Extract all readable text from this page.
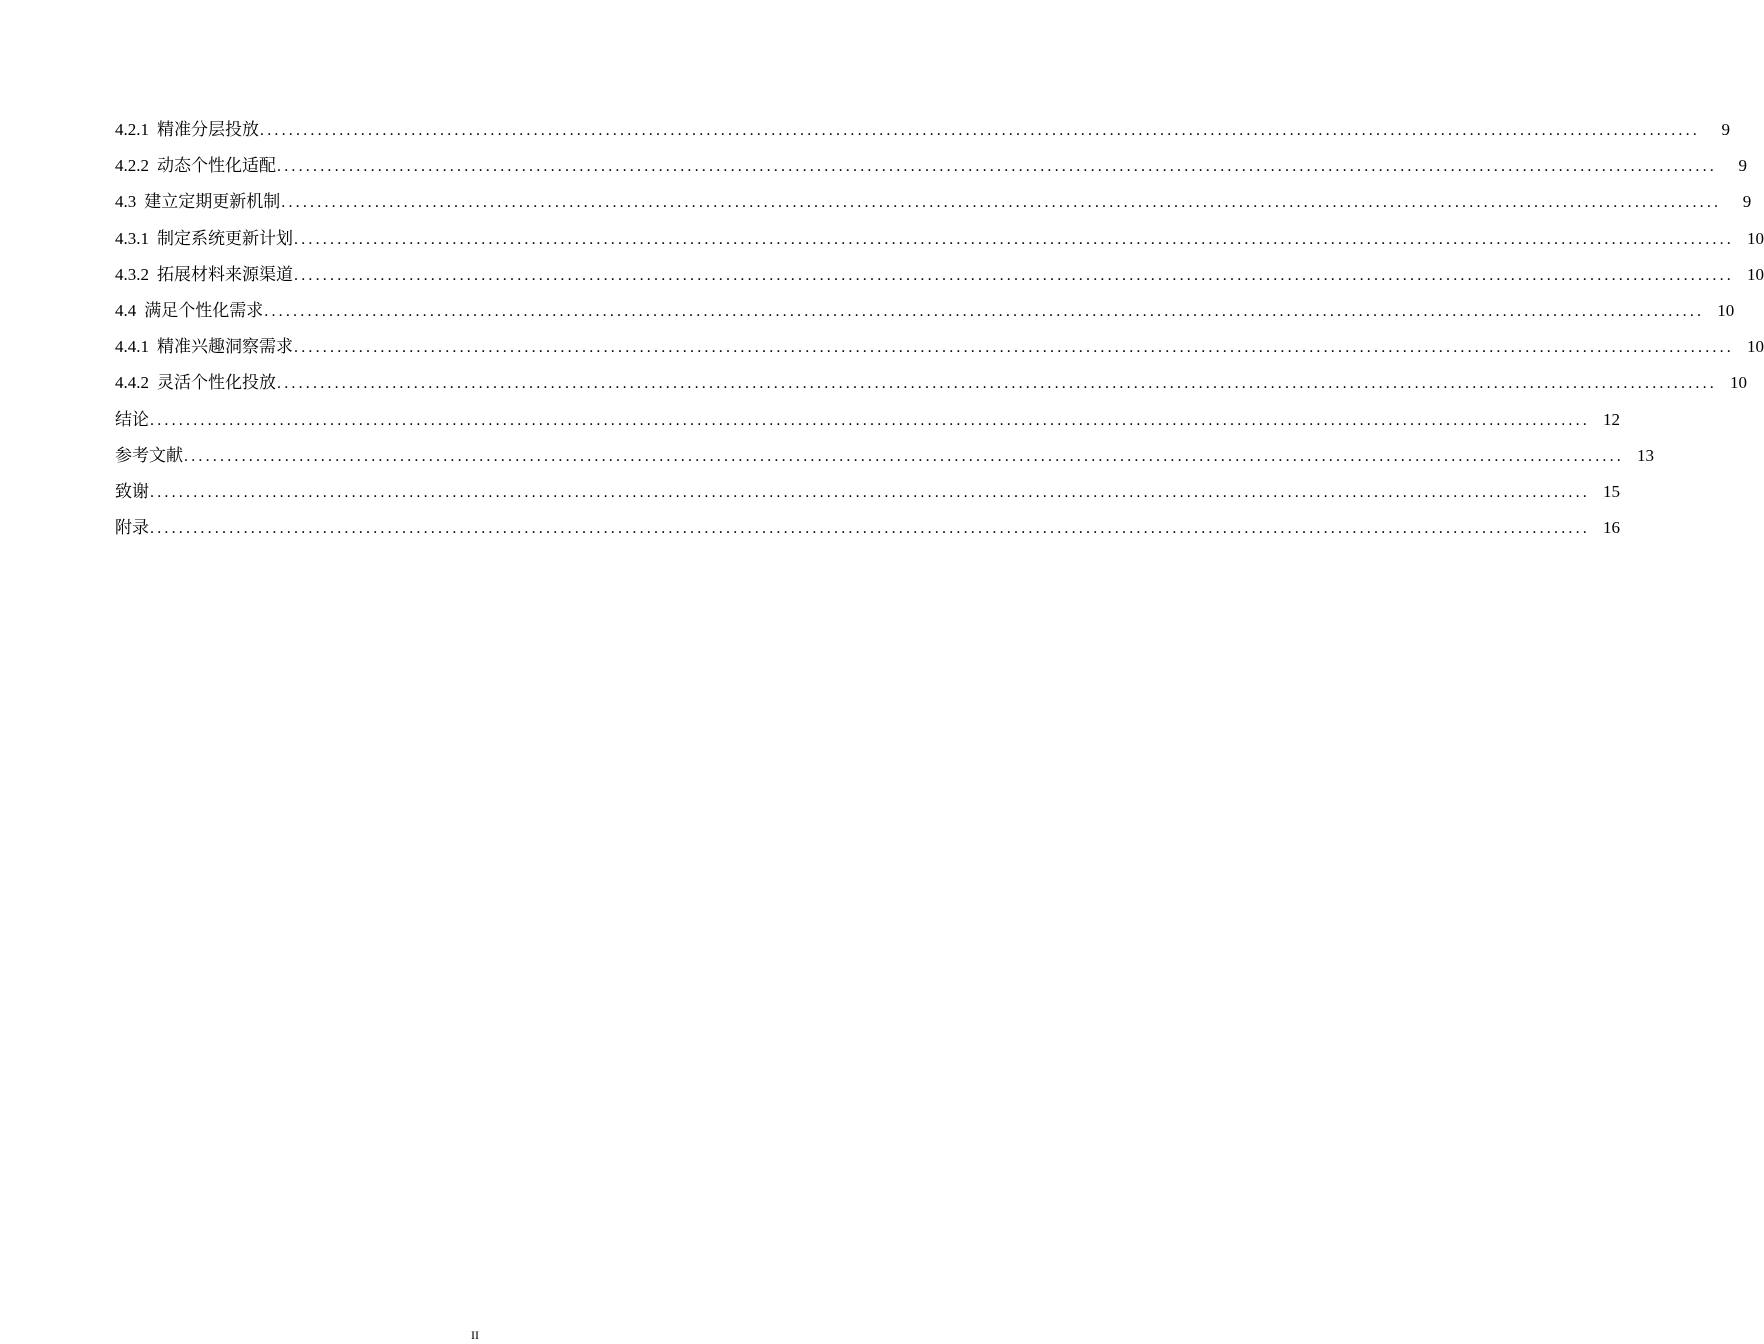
4.2.1 精准分层投放 ........................................................................................................................................................................................................	9
4.2.2 动态个性化适配 ........................................................................................................................................................................................................	9
4.3 建立定期更新机制 ........................................................................................................................................................................................................	9
4.3.1 制定系统更新计划 ........................................................................................................................................................................................................ 10
4.3.2 拓展材料来源渠道 ........................................................................................................................................................................................................ 10
4.4 满足个性化需求 ........................................................................................................................................................................................................ 10
4.4.1 精准兴趣洞察需求 ........................................................................................................................................................................................................ 10
4.4.2 灵活个性化投放 ........................................................................................................................................................................................................ 10
结论 ........................................................................................................................................................................................................ 12
参考文献 ........................................................................................................................................................................................................ 13
致谢 ........................................................................................................................................................................................................ 15
附录 ........................................................................................................................................................................................................ 16
II
